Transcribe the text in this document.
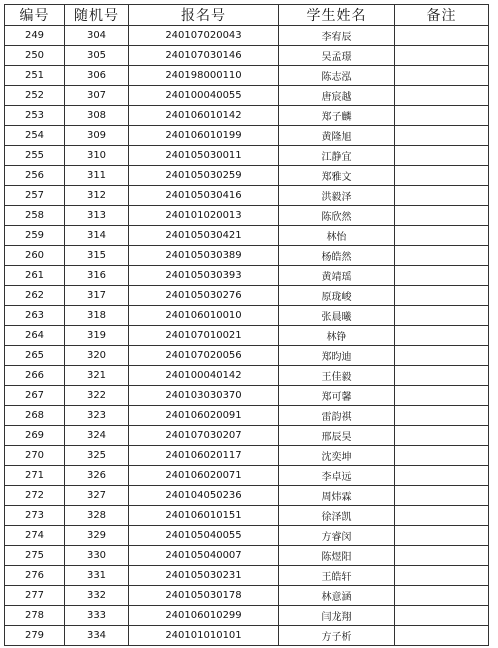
编号	随机号	报名号	学生姓名	备注
249	304	240107020043	李宥辰	
250	305	240107030146	吴孟璟	
251	306	240198000110	陈志泓	
252	307	240100040055	唐宸越	
253	308	240106010142	郑子麟	
254	309	240106010199	黄隆旭	
255	310	240105030011	江静宜	
256	311	240105030259	郑雅文	
257	312	240105030416	洪毅泽	
258	313	240101020013	陈欣然	
259	314	240105030421	林怡	
260	315	240105030389	杨皓然	
261	316	240105030393	黄靖瑶	
262	317	240105030276	原珑峻	
263	318	240106010010	张晨曦	
264	319	240107010021	林铮	
265	320	240107020056	郑昀迪	
266	321	240100040142	王佳毅	
267	322	240103030370	郑可馨	
268	323	240106020091	雷韵祺	
269	324	240107030207	邢辰昊	
270	325	240106020117	沈奕坤	
271	326	240106020071	李卓远	
272	327	240104050236	周炜霖	
273	328	240106010151	徐泽凯	
274	329	240105040055	方睿闵	
275	330	240105040007	陈煜阳	
276	331	240105030231	王皓轩	
277	332	240105030178	林意涵	
278	333	240106010299	闫龙翔	
279	334	240101010101	方子析	
